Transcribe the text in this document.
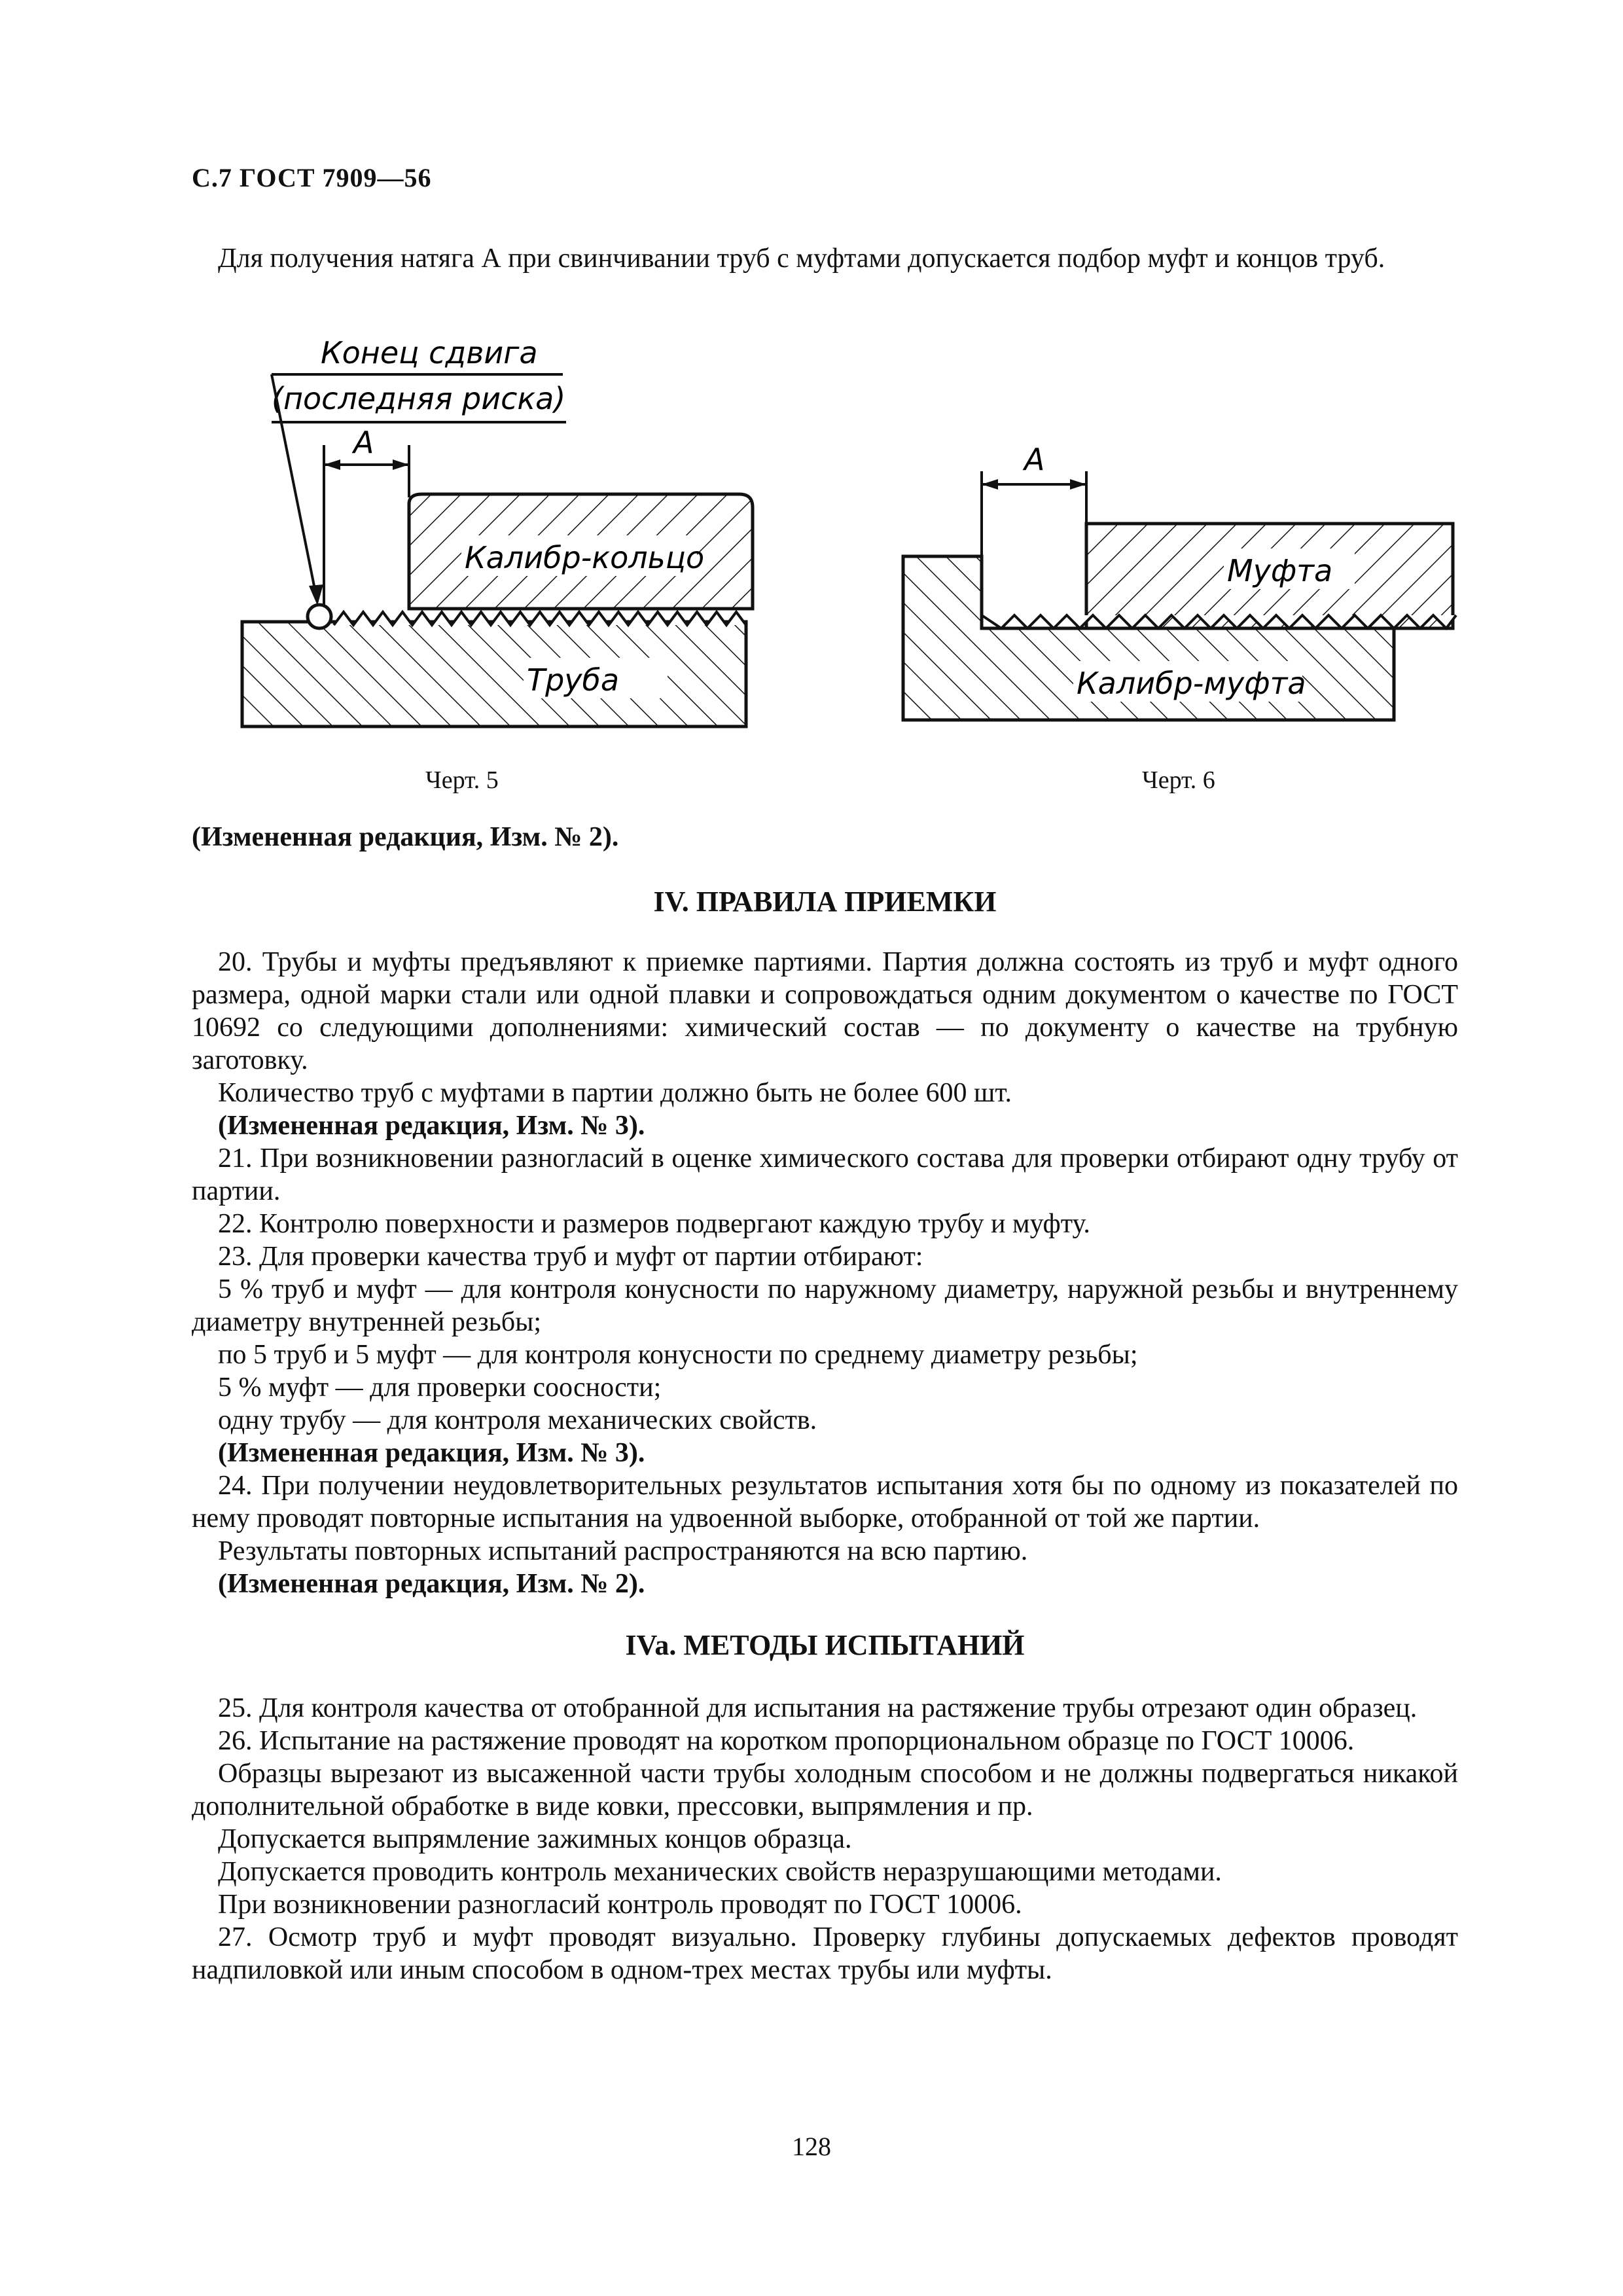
С.7 ГОСТ 7909—56

Для получения натяга А при свинчивании труб с муфтами допускается подбор муфт и концов труб.

Конец сдвига
(последняя риска)
А
Калибр-кольцо
Труба
Черт. 5
А
Муфта
Калибр-муфта
Черт. 6
(Измененная редакция, Изм. № 2).
IV. ПРАВИЛА ПРИЕМКИ

20. Трубы и муфты предъявляют к приемке партиями. Партия должна состоять из труб и муфт одного размера, одной марки стали или одной плавки и сопровождаться одним документом о качестве по ГОСТ 10692 со следующими дополнениями: химический состав — по документу о качестве на трубную заготовку.

Количество труб с муфтами в партии должно быть не более 600 шт.

(Измененная редакция, Изм. № 3).

21. При возникновении разногласий в оценке химического состава для проверки отбирают одну трубу от партии.

22. Контролю поверхности и размеров подвергают каждую трубу и муфту.

23. Для проверки качества труб и муфт от партии отбирают:

5 % труб и муфт — для контроля конусности по наружному диаметру, наружной резьбы и внутреннему диаметру внутренней резьбы;

по 5 труб и 5 муфт — для контроля конусности по среднему диаметру резьбы;

5 % муфт — для проверки соосности;

одну трубу — для контроля механических свойств.

(Измененная редакция, Изм. № 3).

24. При получении неудовлетворительных результатов испытания хотя бы по одному из показателей по нему проводят повторные испытания на удвоенной выборке, отобранной от той же партии.

Результаты повторных испытаний распространяются на всю партию.

(Измененная редакция, Изм. № 2).

IVa. МЕТОДЫ ИСПЫТАНИЙ

25. Для контроля качества от отобранной для испытания на растяжение трубы отрезают один образец.

26. Испытание на растяжение проводят на коротком пропорциональном образце по ГОСТ 10006.

Образцы вырезают из высаженной части трубы холодным способом и не должны подвергаться никакой дополнительной обработке в виде ковки, прессовки, выпрямления и пр.

Допускается выпрямление зажимных концов образца.

Допускается проводить контроль механических свойств неразрушающими методами.

При возникновении разногласий контроль проводят по ГОСТ 10006.

27. Осмотр труб и муфт проводят визуально. Проверку глубины допускаемых дефектов проводят надпиловкой или иным способом в одном-трех местах трубы или муфты.

128
